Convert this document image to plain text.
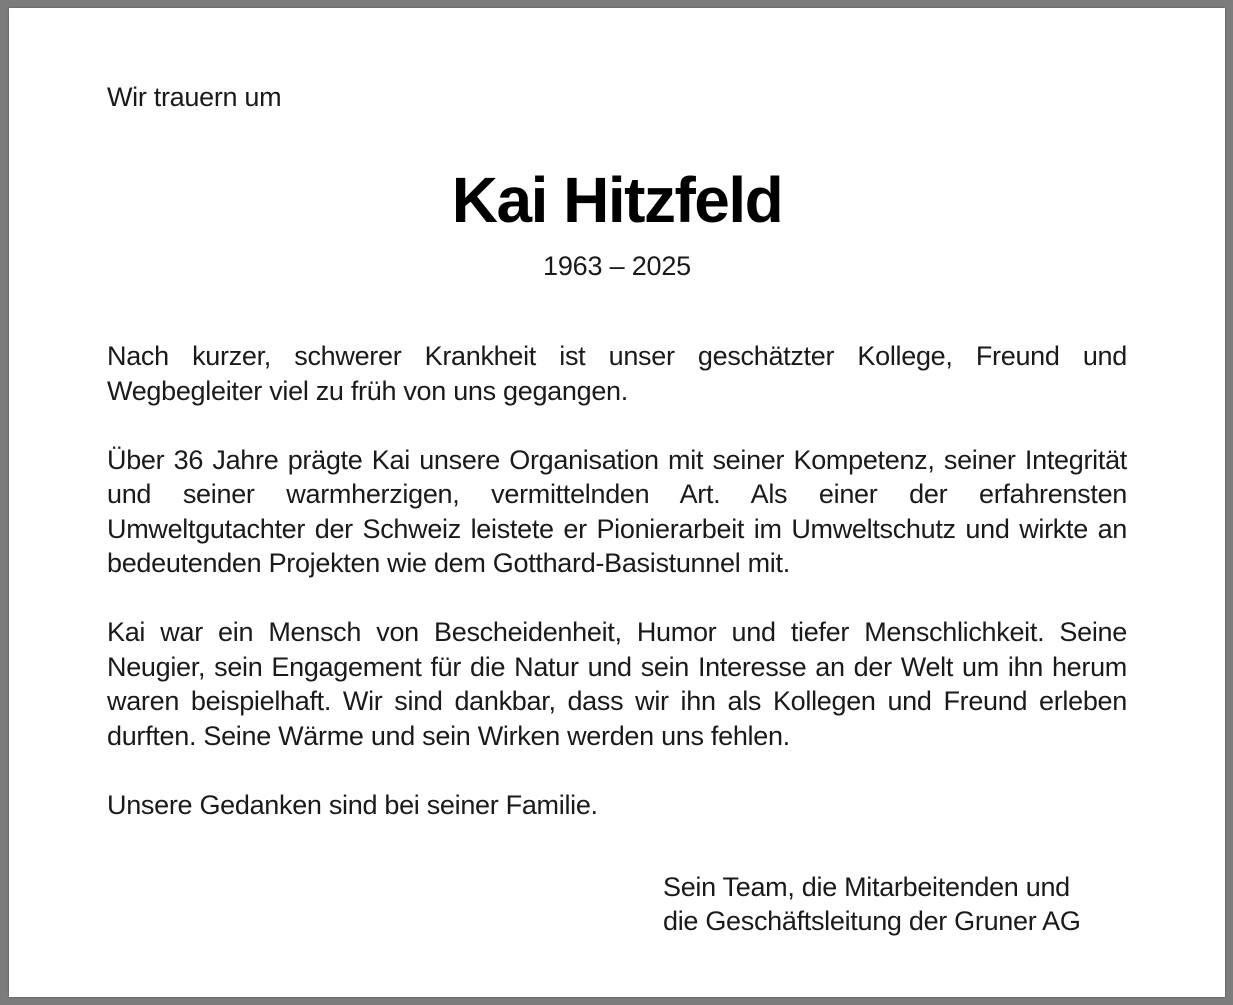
Wir trauern um

Kai Hitzfeld

1963 – 2025

Nach kurzer, schwerer Krankheit ist unser geschätzter Kollege, Freund und Wegbegleiter viel zu früh von uns gegangen.

Über 36 Jahre prägte Kai unsere Organisation mit seiner Kompetenz, seiner Integrität und seiner warmherzigen, vermittelnden Art. Als einer der erfahrensten Umweltgutachter der Schweiz leistete er Pionierarbeit im Umweltschutz und wirkte an bedeutenden Projekten wie dem Gotthard-Basistunnel mit.

Kai war ein Mensch von Bescheidenheit, Humor und tiefer Menschlichkeit. Seine Neugier, sein Engagement für die Natur und sein Interesse an der Welt um ihn herum waren beispielhaft. Wir sind dankbar, dass wir ihn als Kollegen und Freund erleben durften. Seine Wärme und sein Wirken werden uns fehlen.

Unsere Gedanken sind bei seiner Familie.

Sein Team, die Mitarbeitenden und
die Geschäftsleitung der Gruner AG
